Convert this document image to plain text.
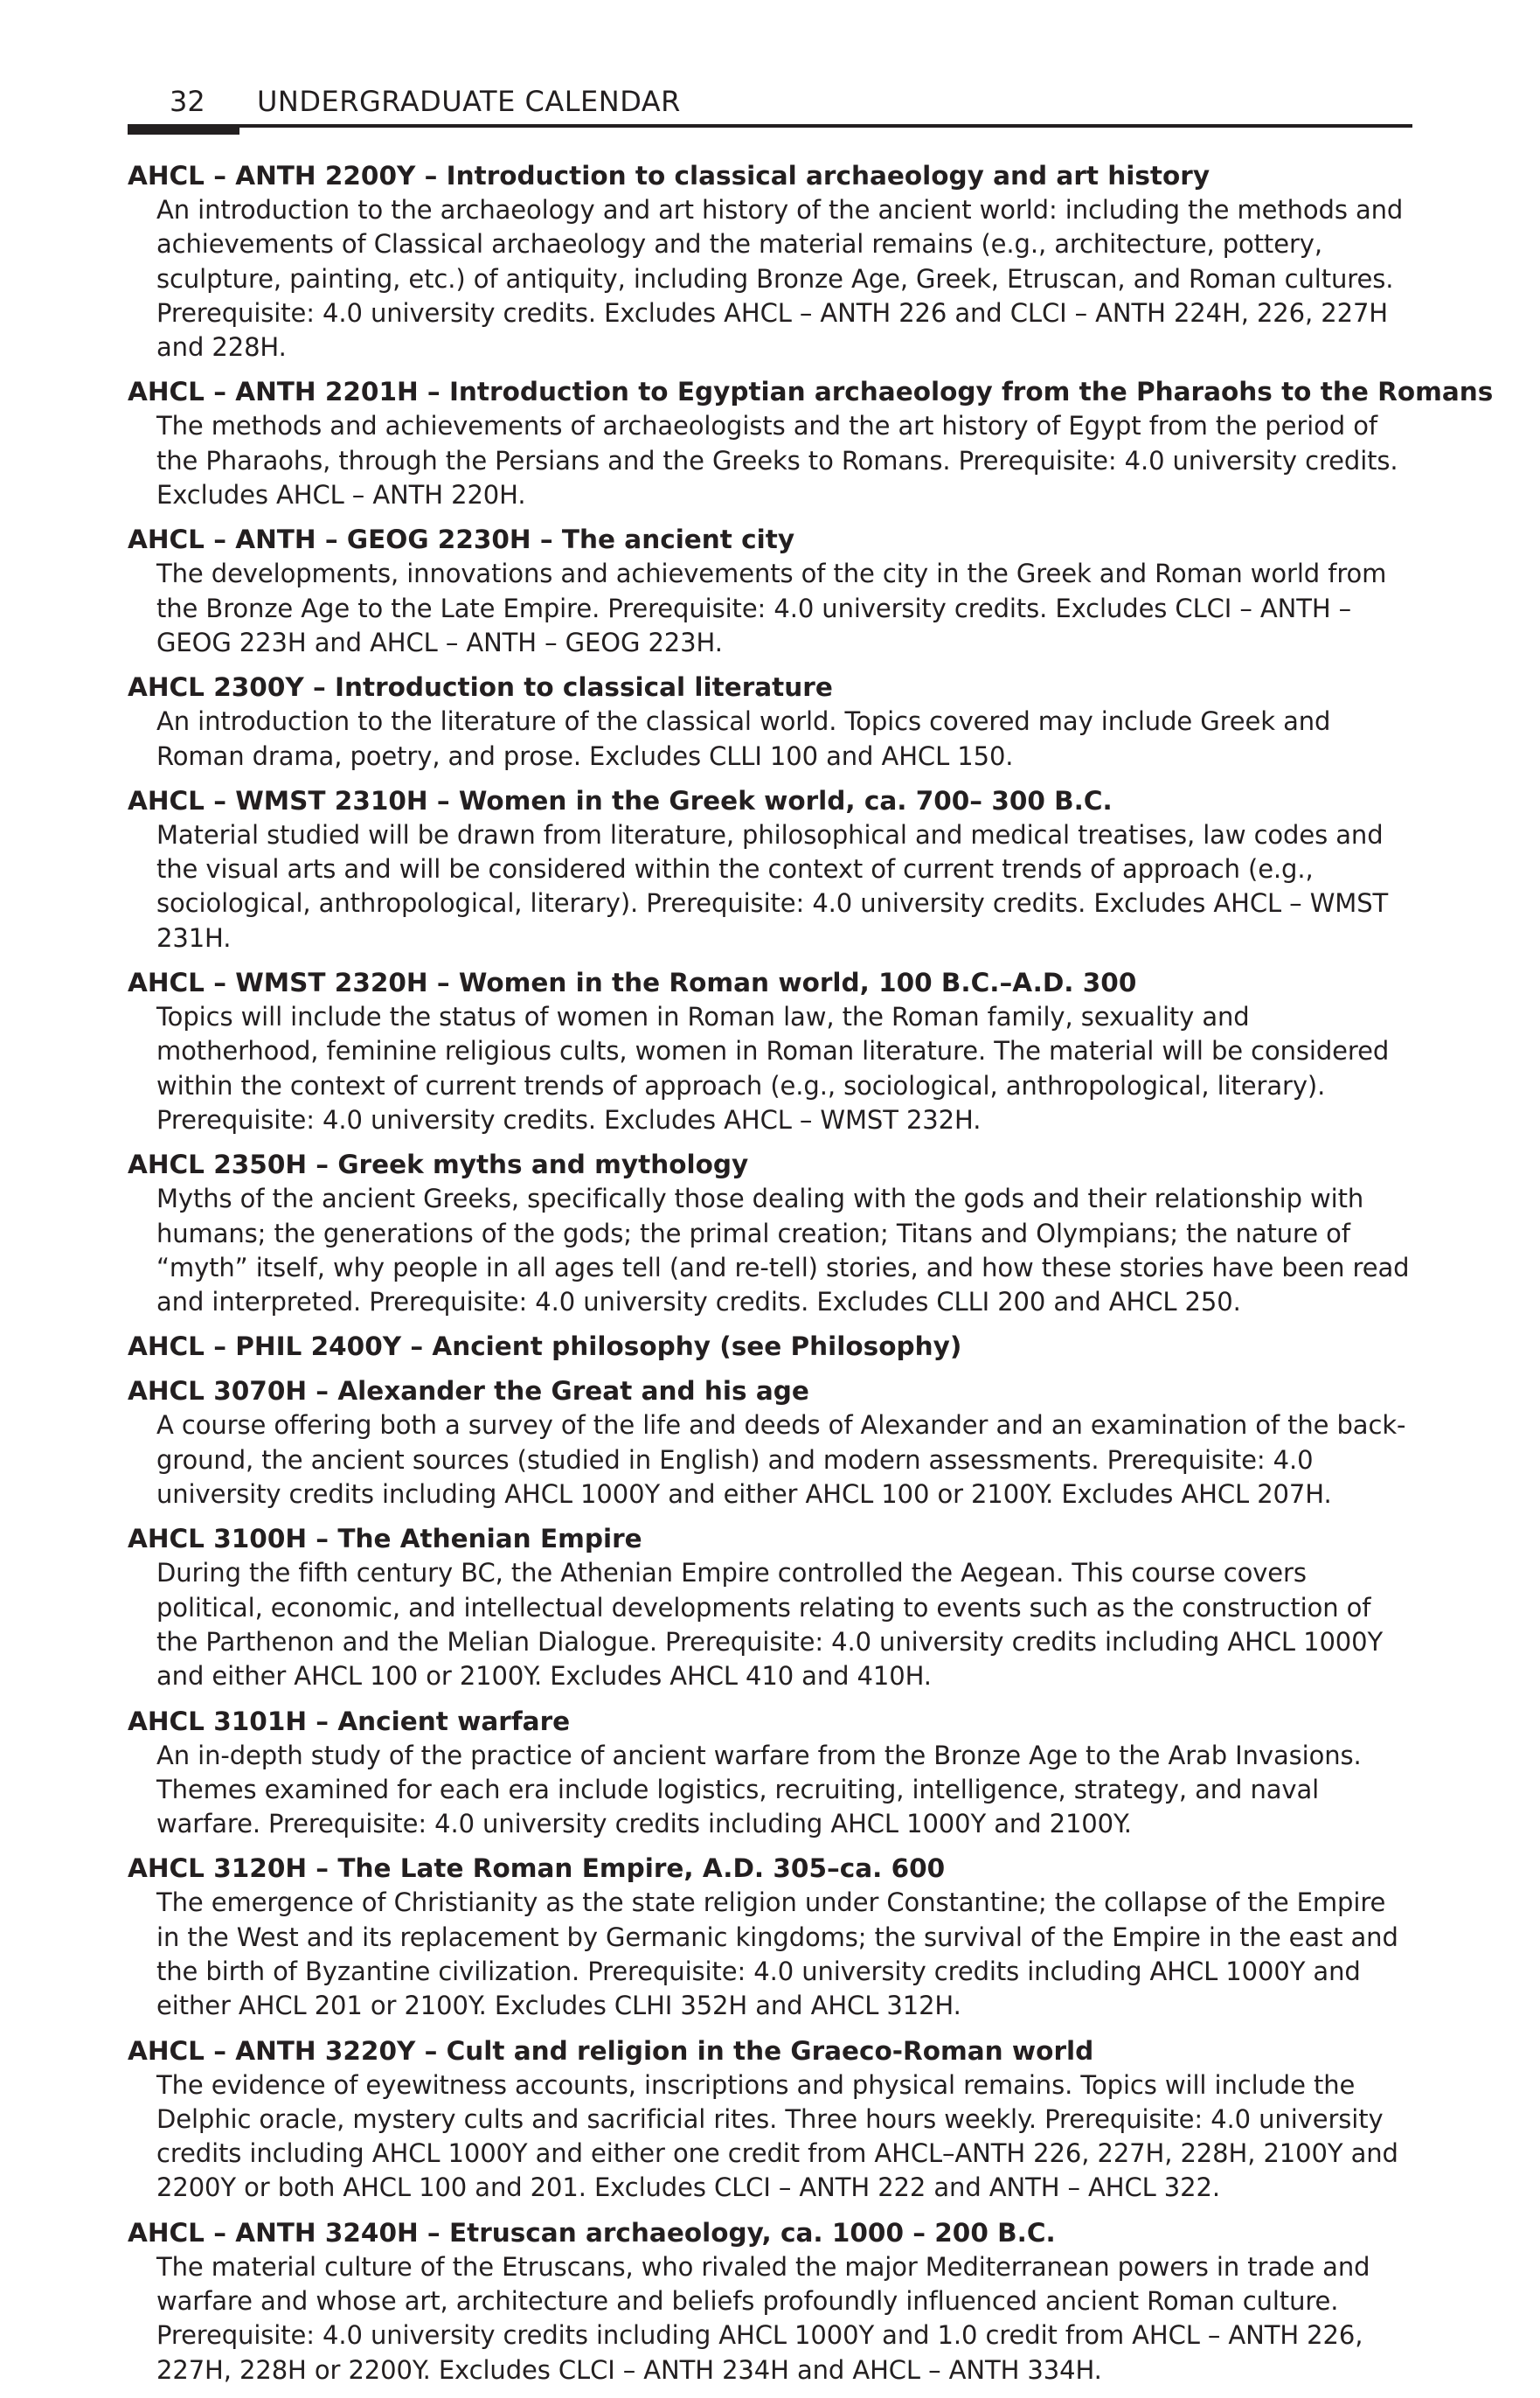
32 UNDERGRADUATE CALENDAR
AHCL – ANTH 2200Y – Introduction to classical archaeology and art history
An introduction to the archaeology and art history of the ancient world: including the methods and achievements of Classical archaeology and the material remains (e.g., architecture, pottery, sculpture, painting, etc.) of antiquity, including Bronze Age, Greek, Etruscan, and Roman cultures. Prerequisite: 4.0 university credits. Excludes AHCL – ANTH 226 and CLCI – ANTH 224H, 226, 227H and 228H.
AHCL – ANTH 2201H – Introduction to Egyptian archaeology from the Pharaohs to the Romans
The methods and achievements of archaeologists and the art history of Egypt from the period of the Pharaohs, through the Persians and the Greeks to Romans. Prerequisite: 4.0 university credits. Excludes AHCL – ANTH 220H.
AHCL – ANTH – GEOG 2230H – The ancient city
The developments, innovations and achievements of the city in the Greek and Roman world from the Bronze Age to the Late Empire. Prerequisite: 4.0 university credits. Excludes CLCI – ANTH – GEOG 223H and AHCL – ANTH – GEOG 223H.
AHCL 2300Y – Introduction to classical literature
An introduction to the literature of the classical world. Topics covered may include Greek and Roman drama, poetry, and prose. Excludes CLLI 100 and AHCL 150.
AHCL – WMST 2310H – Women in the Greek world, ca. 700– 300 B.C.
Material studied will be drawn from literature, philosophical and medical treatises, law codes and the visual arts and will be considered within the context of current trends of approach (e.g., sociological, anthropological, literary). Prerequisite: 4.0 university credits. Excludes AHCL – WMST 231H.
AHCL – WMST 2320H – Women in the Roman world, 100 B.C.–A.D. 300
Topics will include the status of women in Roman law, the Roman family, sexuality and motherhood, feminine religious cults, women in Roman literature. The material will be considered within the context of current trends of approach (e.g., sociological, anthropological, literary). Prerequisite: 4.0 university credits. Excludes AHCL – WMST 232H.
AHCL 2350H – Greek myths and mythology
Myths of the ancient Greeks, specifically those dealing with the gods and their relationship with humans; the generations of the gods; the primal creation; Titans and Olympians; the nature of “myth” itself, why people in all ages tell (and re-tell) stories, and how these stories have been read and interpreted. Prerequisite: 4.0 university credits. Excludes CLLI 200 and AHCL 250.
AHCL – PHIL 2400Y – Ancient philosophy (see Philosophy)
AHCL 3070H – Alexander the Great and his age
A course offering both a survey of the life and deeds of Alexander and an examination of the back-ground, the ancient sources (studied in English) and modern assessments. Prerequisite: 4.0 university credits including AHCL 1000Y and either AHCL 100 or 2100Y. Excludes AHCL 207H.
AHCL 3100H – The Athenian Empire
During the fifth century BC, the Athenian Empire controlled the Aegean. This course covers political, economic, and intellectual developments relating to events such as the construction of the Parthenon and the Melian Dialogue. Prerequisite: 4.0 university credits including AHCL 1000Y and either AHCL 100 or 2100Y. Excludes AHCL 410 and 410H.
AHCL 3101H – Ancient warfare
An in-depth study of the practice of ancient warfare from the Bronze Age to the Arab Invasions. Themes examined for each era include logistics, recruiting, intelligence, strategy, and naval warfare. Prerequisite: 4.0 university credits including AHCL 1000Y and 2100Y.
AHCL 3120H – The Late Roman Empire, A.D. 305–ca. 600
The emergence of Christianity as the state religion under Constantine; the collapse of the Empire in the West and its replacement by Germanic kingdoms; the survival of the Empire in the east and the birth of Byzantine civilization. Prerequisite: 4.0 university credits including AHCL 1000Y and either AHCL 201 or 2100Y. Excludes CLHI 352H and AHCL 312H.
AHCL – ANTH 3220Y – Cult and religion in the Graeco-Roman world
The evidence of eyewitness accounts, inscriptions and physical remains. Topics will include the Delphic oracle, mystery cults and sacrificial rites. Three hours weekly. Prerequisite: 4.0 university credits including AHCL 1000Y and either one credit from AHCL–ANTH 226, 227H, 228H, 2100Y and 2200Y or both AHCL 100 and 201. Excludes CLCI – ANTH 222 and ANTH – AHCL 322.
AHCL – ANTH 3240H – Etruscan archaeology, ca. 1000 – 200 B.C.
The material culture of the Etruscans, who rivaled the major Mediterranean powers in trade and warfare and whose art, architecture and beliefs profoundly influenced ancient Roman culture. Prerequisite: 4.0 university credits including AHCL 1000Y and 1.0 credit from AHCL – ANTH 226, 227H, 228H or 2200Y. Excludes CLCI – ANTH 234H and AHCL – ANTH 334H.
